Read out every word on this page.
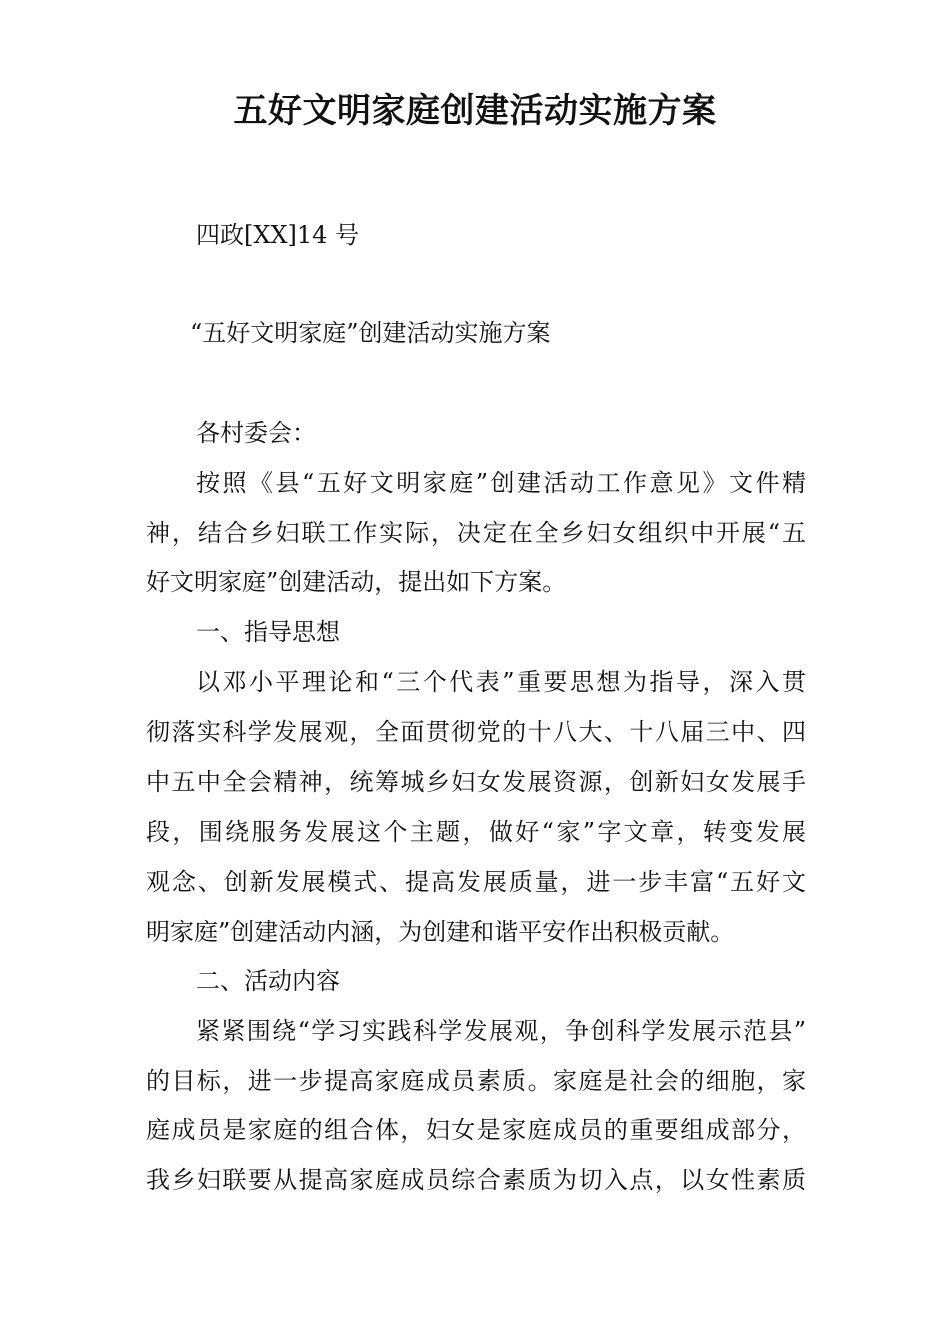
五好文明家庭创建活动实施方案
四政[XX]14 号
“五好文明家庭”创建活动实施方案
各村委会：
按照《县“五好文明家庭”创建活动工作意见》文件精
神，结合乡妇联工作实际，决定在全乡妇女组织中开展“五
好文明家庭”创建活动，提出如下方案。
一、指导思想
以邓小平理论和“三个代表”重要思想为指导，深入贯
彻落实科学发展观，全面贯彻党的十八大、十八届三中、四
中五中全会精神，统筹城乡妇女发展资源，创新妇女发展手
段，围绕服务发展这个主题，做好“家”字文章，转变发展
观念、创新发展模式、提高发展质量，进一步丰富“五好文
明家庭”创建活动内涵，为创建和谐平安作出积极贡献。
二、活动内容
紧紧围绕“学习实践科学发展观，争创科学发展示范县”
的目标，进一步提高家庭成员素质。家庭是社会的细胞，家
庭成员是家庭的组合体，妇女是家庭成员的重要组成部分，
我乡妇联要从提高家庭成员综合素质为切入点，以女性素质
